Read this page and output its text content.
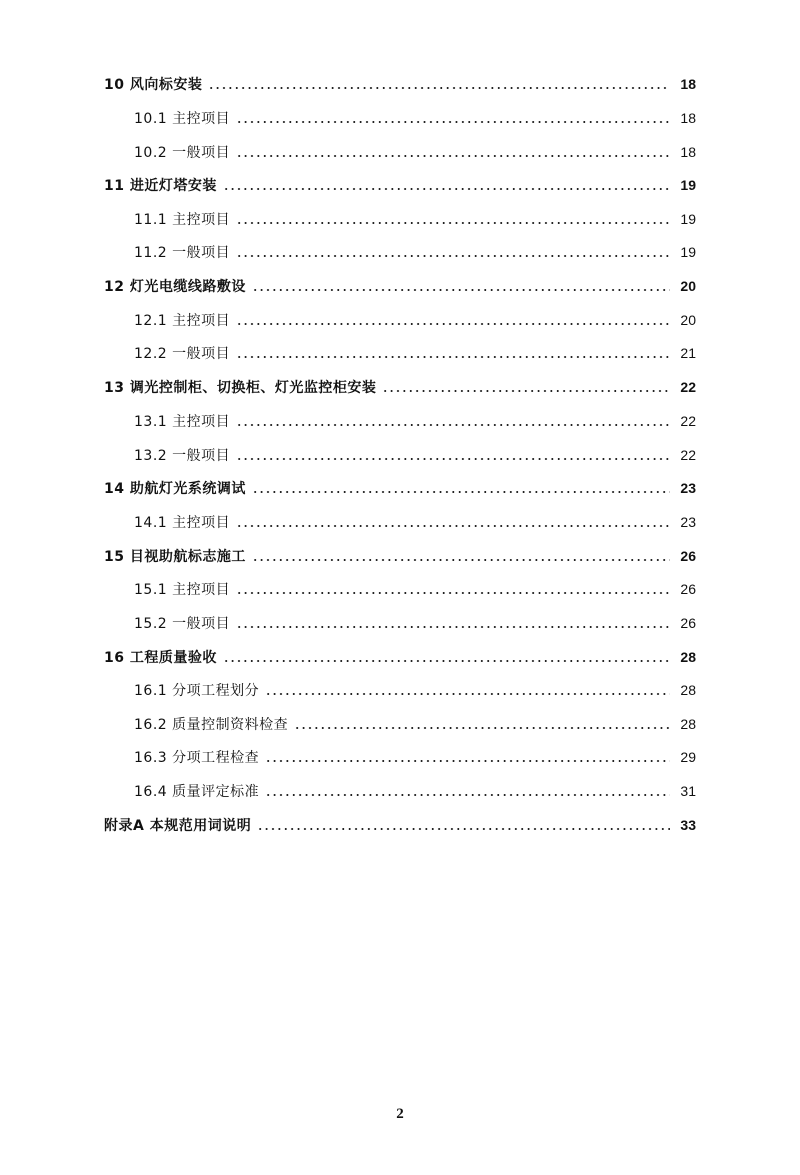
10 风向标安装	18
10.1 主控项目	18
10.2 一般项目	18
11 进近灯塔安装	19
11.1 主控项目	19
11.2 一般项目	19
12 灯光电缆线路敷设	20
12.1 主控项目	20
12.2 一般项目	21
13 调光控制柜、切换柜、灯光监控柜安装	22
13.1 主控项目	22
13.2 一般项目	22
14 助航灯光系统调试	23
14.1 主控项目	23
15 目视助航标志施工	26
15.1 主控项目	26
15.2 一般项目	26
16 工程质量验收	28
16.1 分项工程划分	28
16.2 质量控制资料检查	28
16.3 分项工程检查	29
16.4 质量评定标准	31
附录A 本规范用词说明	33
2
